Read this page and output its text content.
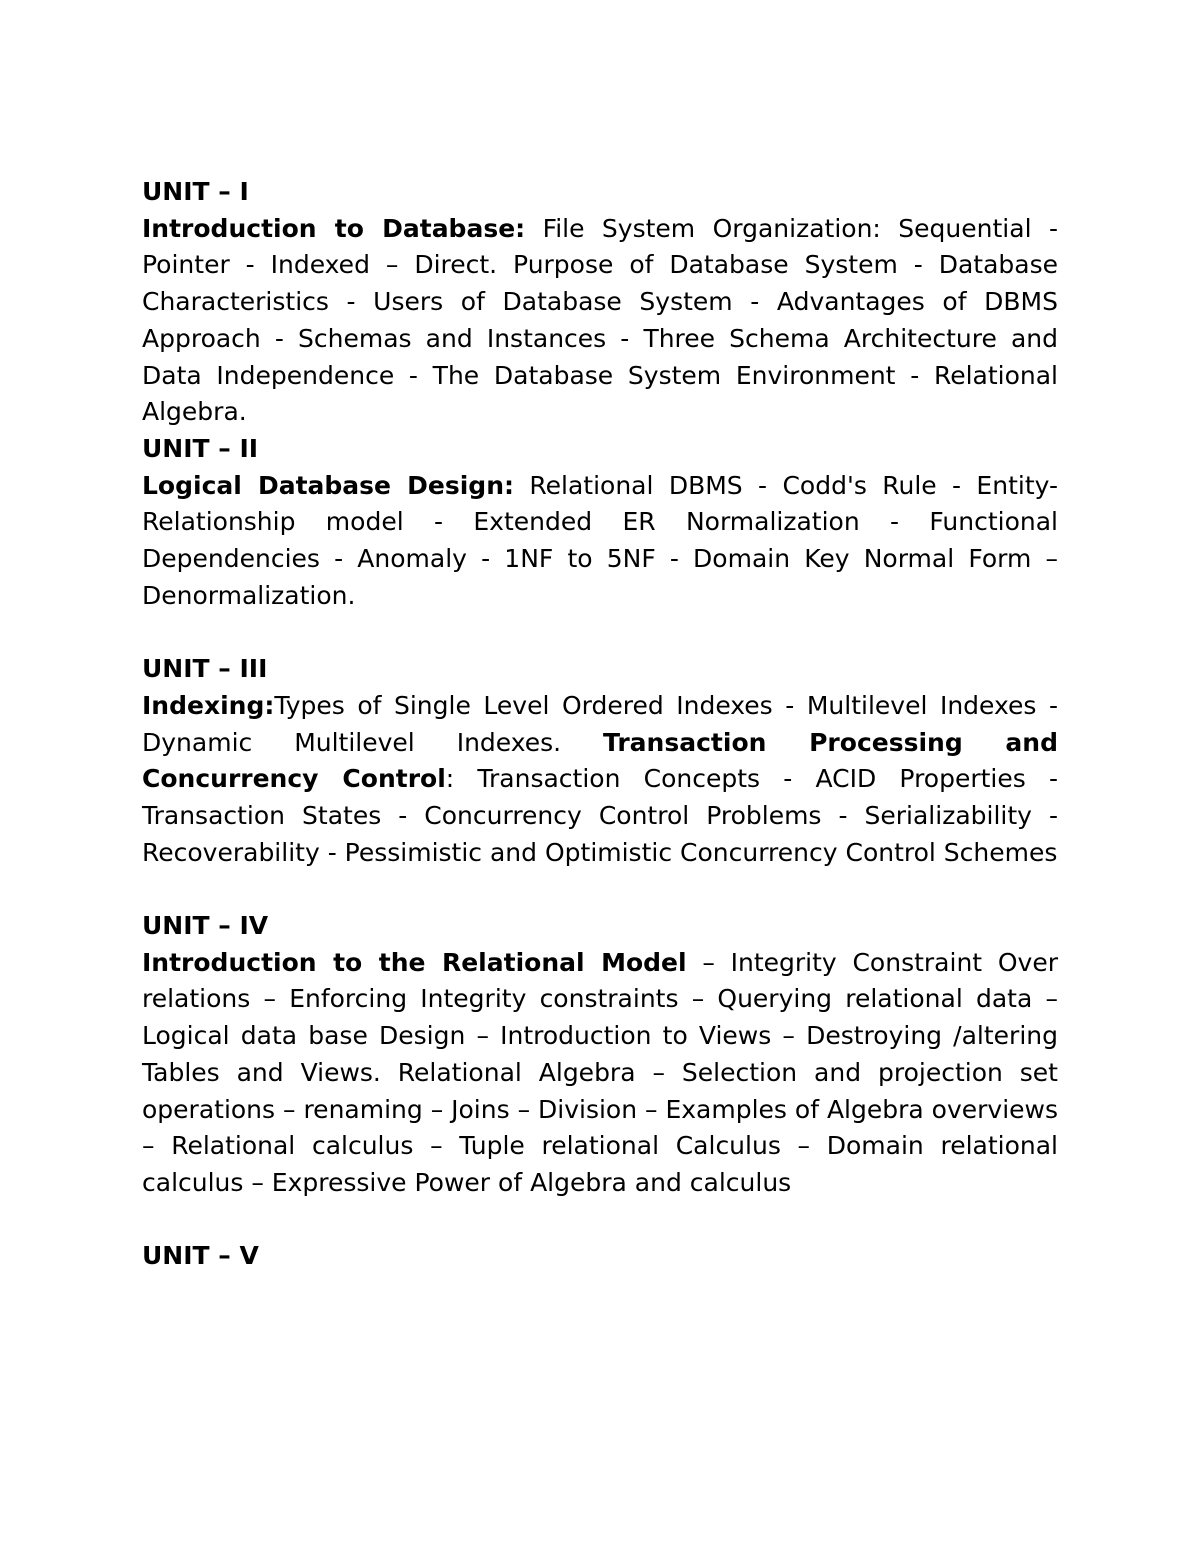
UNIT – I

Introduction to Database: File System Organization: Sequential - Pointer - Indexed – Direct. Purpose of Database System - Database Characteristics - Users of Database System - Advantages of DBMS Approach - Schemas and Instances - Three Schema Architecture and Data Independence - The Database System Environment - Relational Algebra.

UNIT – II

Logical Database Design: Relational DBMS - Codd's Rule - Entity-Relationship model - Extended ER Normalization - Functional Dependencies - Anomaly - 1NF to 5NF - Domain Key Normal Form – Denormalization.

UNIT – III

Indexing:Types of Single Level Ordered Indexes - Multilevel Indexes - Dynamic Multilevel Indexes. Transaction Processing and Concurrency Control: Transaction Concepts - ACID Properties - Transaction States - Concurrency Control Problems - Serializability - Recoverability - Pessimistic and Optimistic Concurrency Control Schemes

UNIT – IV

Introduction to the Relational Model – Integrity Constraint Over relations – Enforcing Integrity constraints – Querying relational data – Logical data base Design – Introduction to Views – Destroying /altering Tables and Views. Relational Algebra – Selection and projection set operations – renaming – Joins – Division – Examples of Algebra overviews – Relational calculus – Tuple relational Calculus – Domain relational calculus – Expressive Power of Algebra and calculus

UNIT – V
